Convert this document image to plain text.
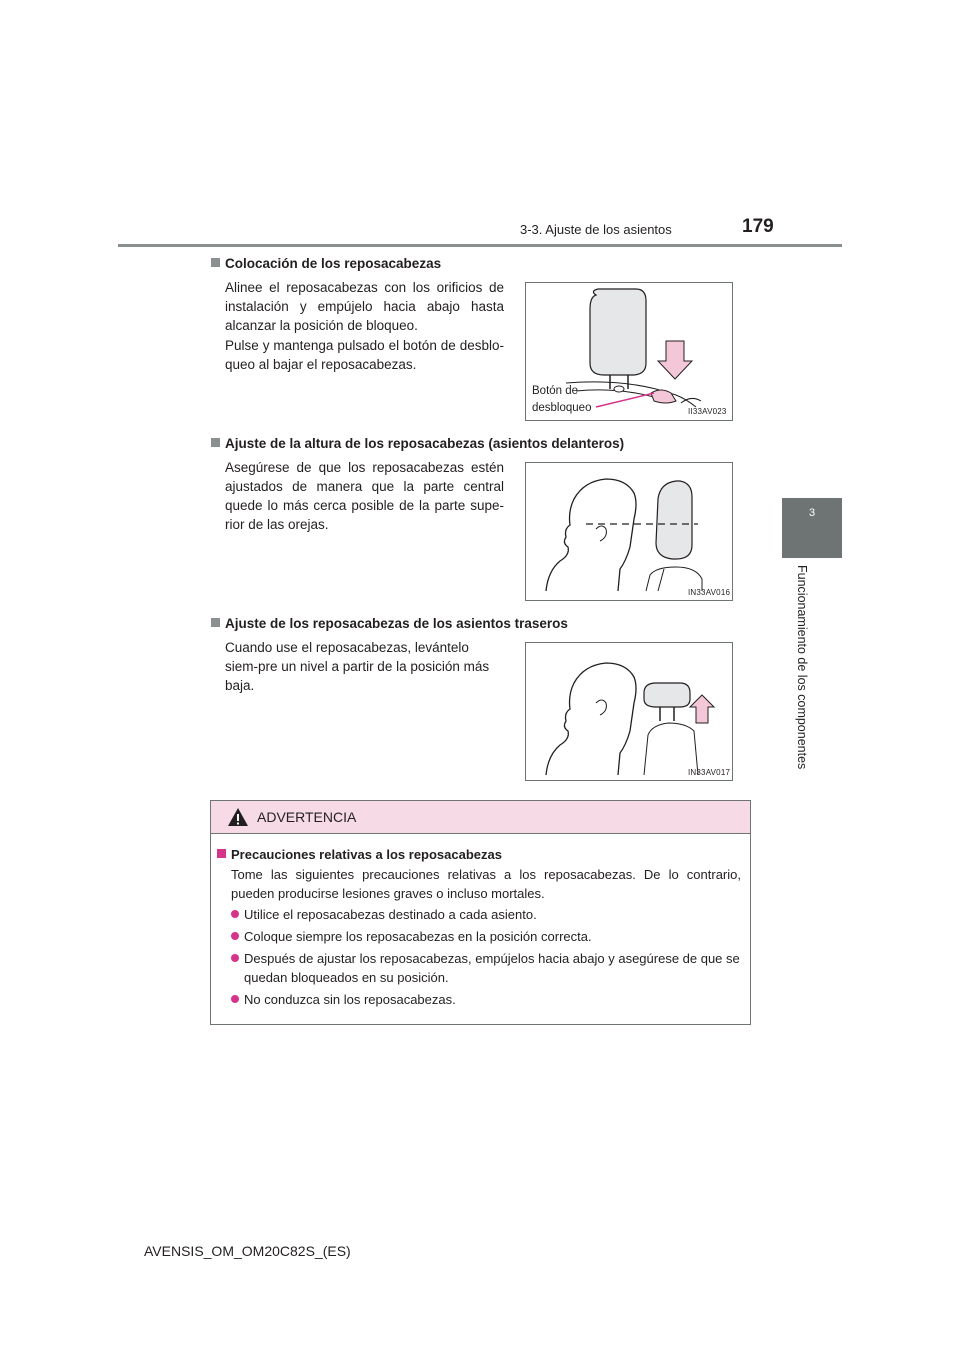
3-3. Ajuste de los asientos	179
3
Funcionamiento de los componentes
Colocación de los reposacabezas
Alinee el reposacabezas con los orificios de instalación y empújelo hacia abajo hasta alcanzar la posición de bloqueo.
Pulse y mantenga pulsado el botón de desblo-queo al bajar el reposacabezas.
Botón de
desbloqueo	II33AV023
Ajuste de la altura de los reposacabezas (asientos delanteros)
Asegúrese de que los reposacabezas estén ajustados de manera que la parte central quede lo más cerca posible de la parte supe-rior de las orejas.
IN33AV016
Ajuste de los reposacabezas de los asientos traseros
Cuando use el reposacabezas, levántelo siem-pre un nivel a partir de la posición más baja.
IN33AV017
ADVERTENCIA
Precauciones relativas a los reposacabezas
Tome las siguientes precauciones relativas a los reposacabezas. De lo contrario, pueden producirse lesiones graves o incluso mortales.
Utilice el reposacabezas destinado a cada asiento.
Coloque siempre los reposacabezas en la posición correcta.
Después de ajustar los reposacabezas, empújelos hacia abajo y asegúrese de que se quedan bloqueados en su posición.
No conduzca sin los reposacabezas.
AVENSIS_OM_OM20C82S_(ES)
